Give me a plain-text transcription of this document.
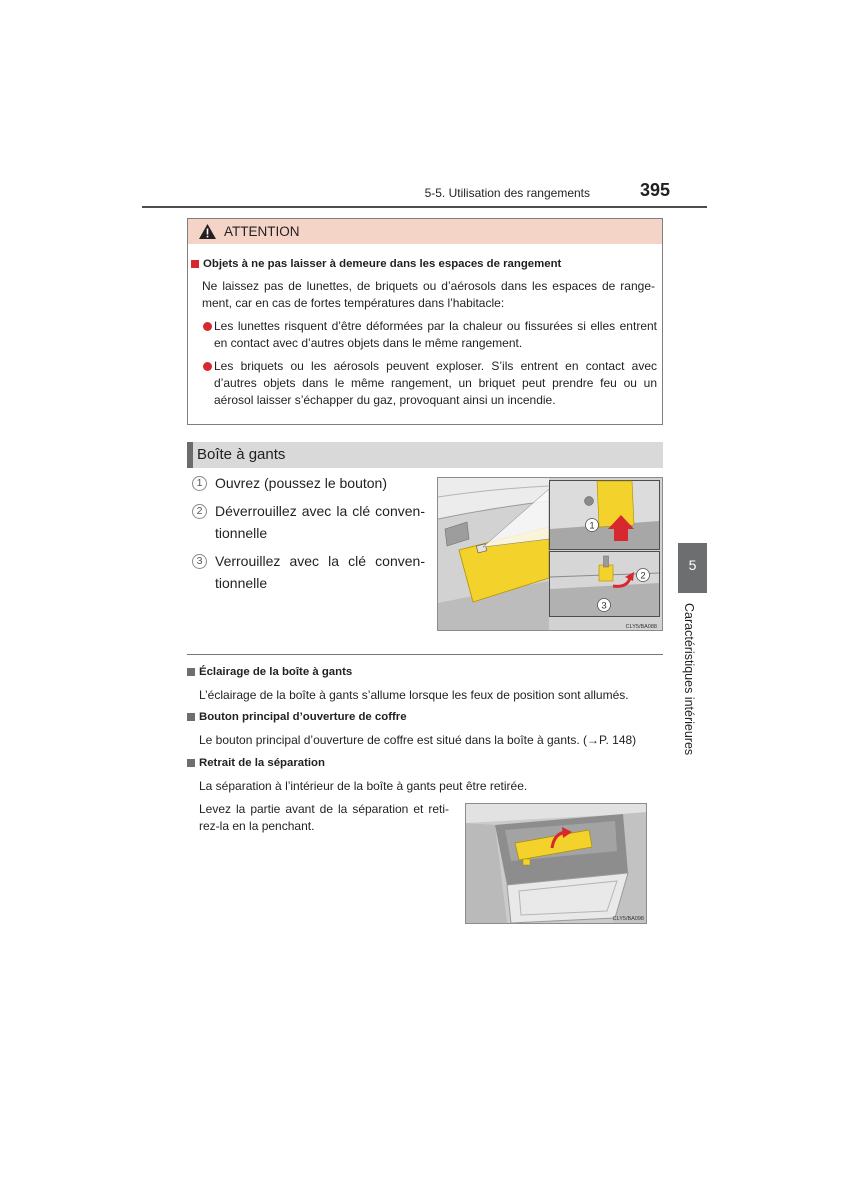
5-5. Utilisation des rangements	395
ATTENTION
Objets à ne pas laisser à demeure dans les espaces de rangement
Ne laissez pas de lunettes, de briquets ou d’aérosols dans les espaces de range-
ment, car en cas de fortes températures dans l’habitacle:
Les lunettes risquent d’être déformées par la chaleur ou fissurées si elles entrent
en contact avec d’autres objets dans le même rangement.
Les briquets ou les aérosols peuvent exploser. S’ils entrent en contact avec
d’autres objets dans le même rangement, un briquet peut prendre feu ou un
aérosol laisser s’échapper du gaz, provoquant ainsi un incendie.
Boîte à gants
1 Ouvrez (poussez le bouton)
2 Déverrouillez avec la clé conven-
tionnelle
3 Verrouillez avec la clé conven-
tionnelle
1
2
3
CLY5/BA088
Éclairage de la boîte à gants
L’éclairage de la boîte à gants s’allume lorsque les feux de position sont allumés.
Bouton principal d’ouverture de coffre
Le bouton principal d’ouverture de coffre est situé dans la boîte à gants. (→P. 148)
Retrait de la séparation
La séparation à l’intérieur de la boîte à gants peut être retirée.
Levez la partie avant de la séparation et reti-
rez-la en la penchant.
CLY5/BA098
5
Caractéristiques intérieures
